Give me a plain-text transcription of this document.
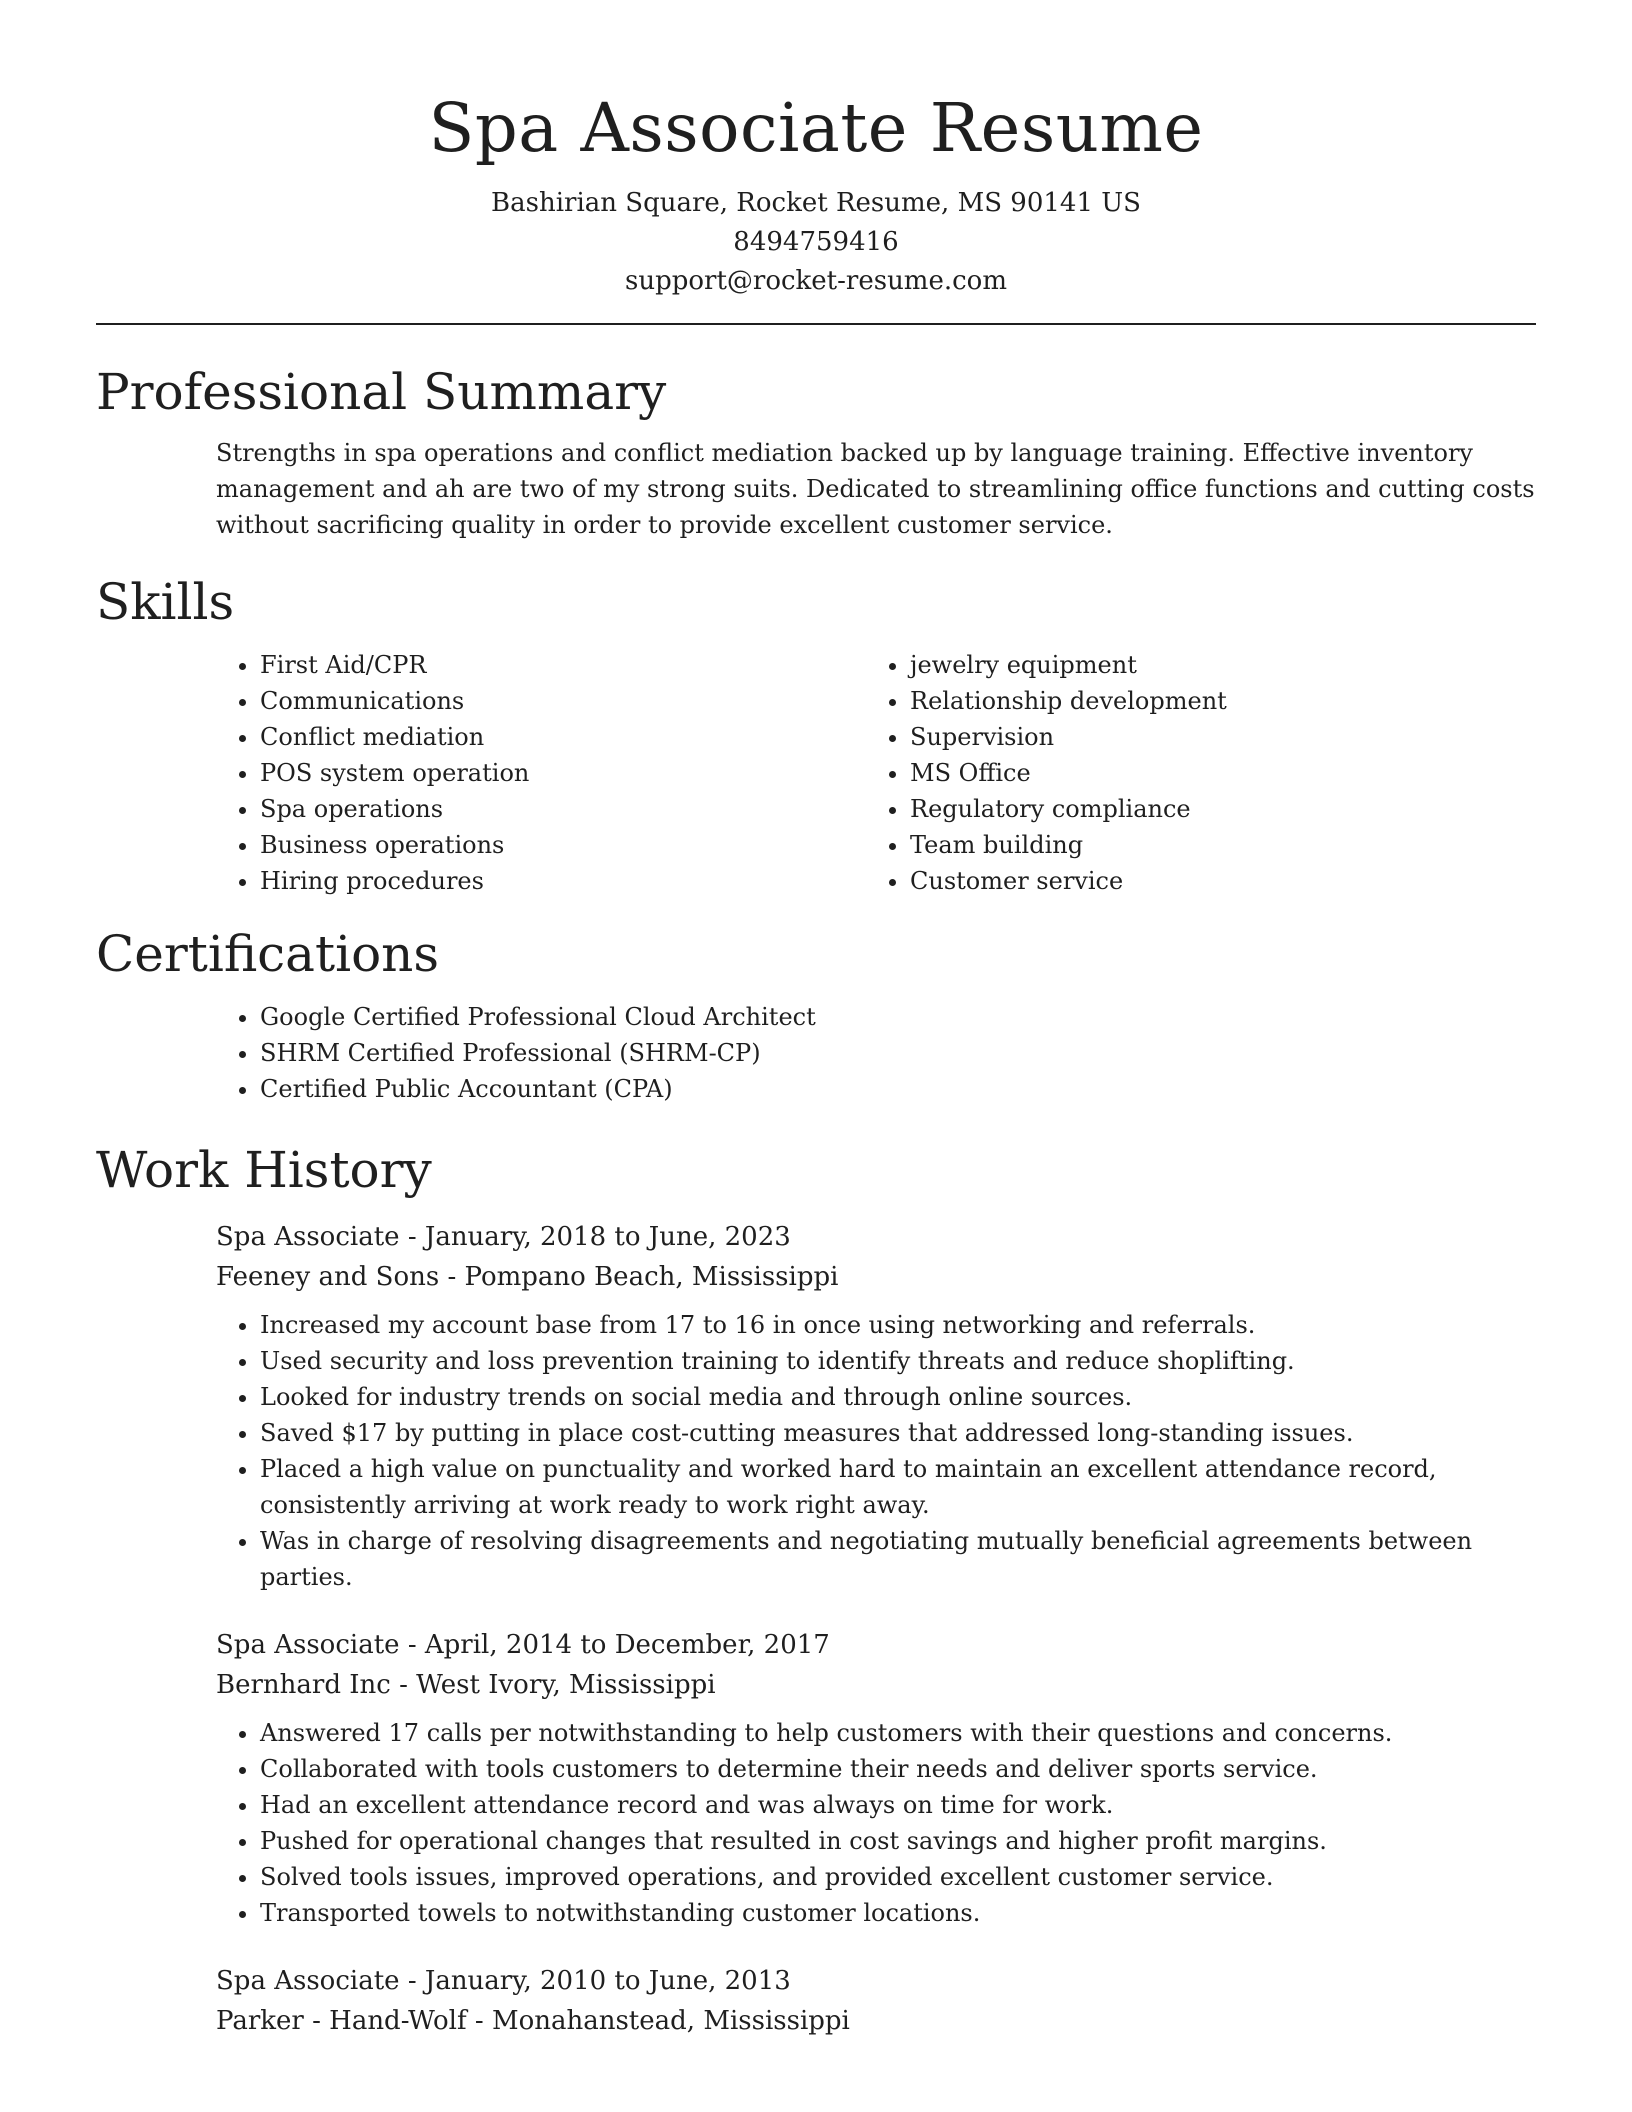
Spa Associate Resume

Bashirian Square, Rocket Resume, MS 90141 US

8494759416

support@rocket-resume.com

Professional Summary

Strengths in spa operations and conflict mediation backed up by language training. Effective inventory management and ah are two of my strong suits. Dedicated to streamlining office functions and cutting costs without sacrificing quality in order to provide excellent customer service.

Skills
• First Aid/CPR
• Communications
• Conflict mediation
• POS system operation
• Spa operations
• Business operations
• Hiring procedures
• jewelry equipment
• Relationship development
• Supervision
• MS Office
• Regulatory compliance
• Team building
• Customer service
Certifications
• Google Certified Professional Cloud Architect
• SHRM Certified Professional (SHRM-CP)
• Certified Public Accountant (CPA)
Work History

Spa Associate - January, 2018 to June, 2023

Feeney and Sons - Pompano Beach, Mississippi

• Increased my account base from 17 to 16 in once using networking and referrals.
• Used security and loss prevention training to identify threats and reduce shoplifting.
• Looked for industry trends on social media and through online sources.
• Saved $17 by putting in place cost-cutting measures that addressed long-standing issues.
• Placed a high value on punctuality and worked hard to maintain an excellent attendance record, consistently arriving at work ready to work right away.
• Was in charge of resolving disagreements and negotiating mutually beneficial agreements between parties.

Spa Associate - April, 2014 to December, 2017

Bernhard Inc - West Ivory, Mississippi

• Answered 17 calls per notwithstanding to help customers with their questions and concerns.
• Collaborated with tools customers to determine their needs and deliver sports service.
• Had an excellent attendance record and was always on time for work.
• Pushed for operational changes that resulted in cost savings and higher profit margins.
• Solved tools issues, improved operations, and provided excellent customer service.
• Transported towels to notwithstanding customer locations.

Spa Associate - January, 2010 to June, 2013

Parker - Hand-Wolf - Monahanstead, Mississippi
